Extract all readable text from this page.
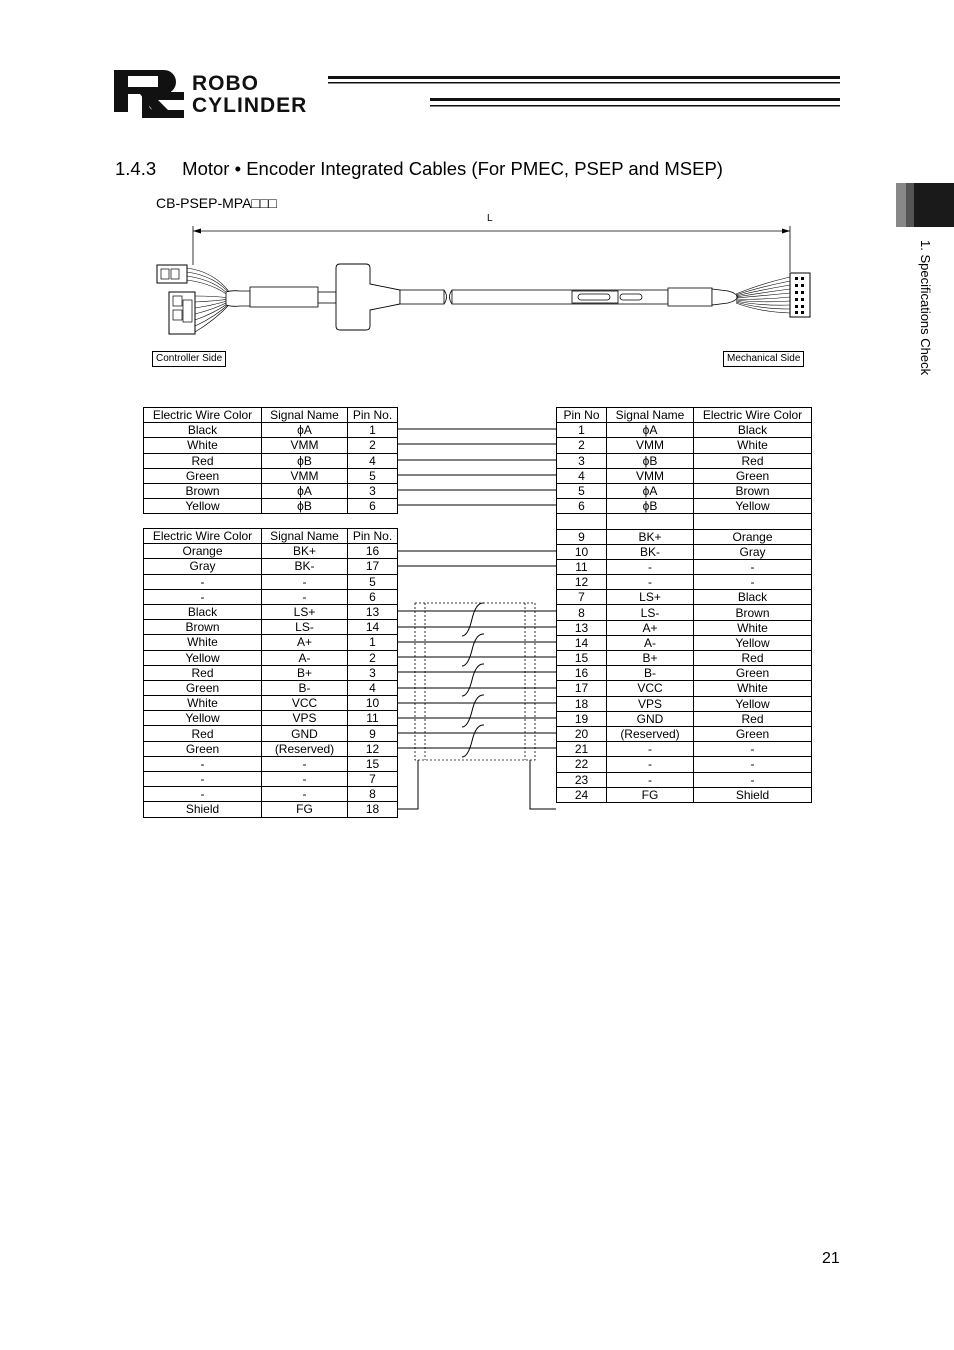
ROBO
CYLINDER
1.4.3 Motor • Encoder Integrated Cables (For PMEC, PSEP and MSEP)
CB-PSEP-MPA□□□
1. Specifications Check
L
Controller Side	Mechanical Side
Electric Wire Color	Signal Name	Pin No.
Black	ϕA	1
White	VMM	2
Red	ϕB	4
Green	VMM	5
Brown	ϕA	3
Yellow	ϕB	6
Electric Wire Color	Signal Name	Pin No.
Orange	BK+	16
Gray	BK-	17
-	-	5
-	-	6
Black	LS+	13
Brown	LS-	14
White	A+	1
Yellow	A-	2
Red	B+	3
Green	B-	4
White	VCC	10
Yellow	VPS	11
Red	GND	9
Green	(Reserved)	12
-	-	15
-	-	7
-	-	8
Shield	FG	18
Pin No	Signal Name	Electric Wire Color
1	ϕA	Black
2	VMM	White
3	ϕB	Red
4	VMM	Green
5	ϕA	Brown
6	ϕB	Yellow

9	BK+	Orange
10	BK-	Gray
11	-	-
12	-	-
7	LS+	Black
8	LS-	Brown
13	A+	White
14	A-	Yellow
15	B+	Red
16	B-	Green
17	VCC	White
18	VPS	Yellow
19	GND	Red
20	(Reserved)	Green
21	-	-
22	-	-
23	-	-
24	FG	Shield
21
